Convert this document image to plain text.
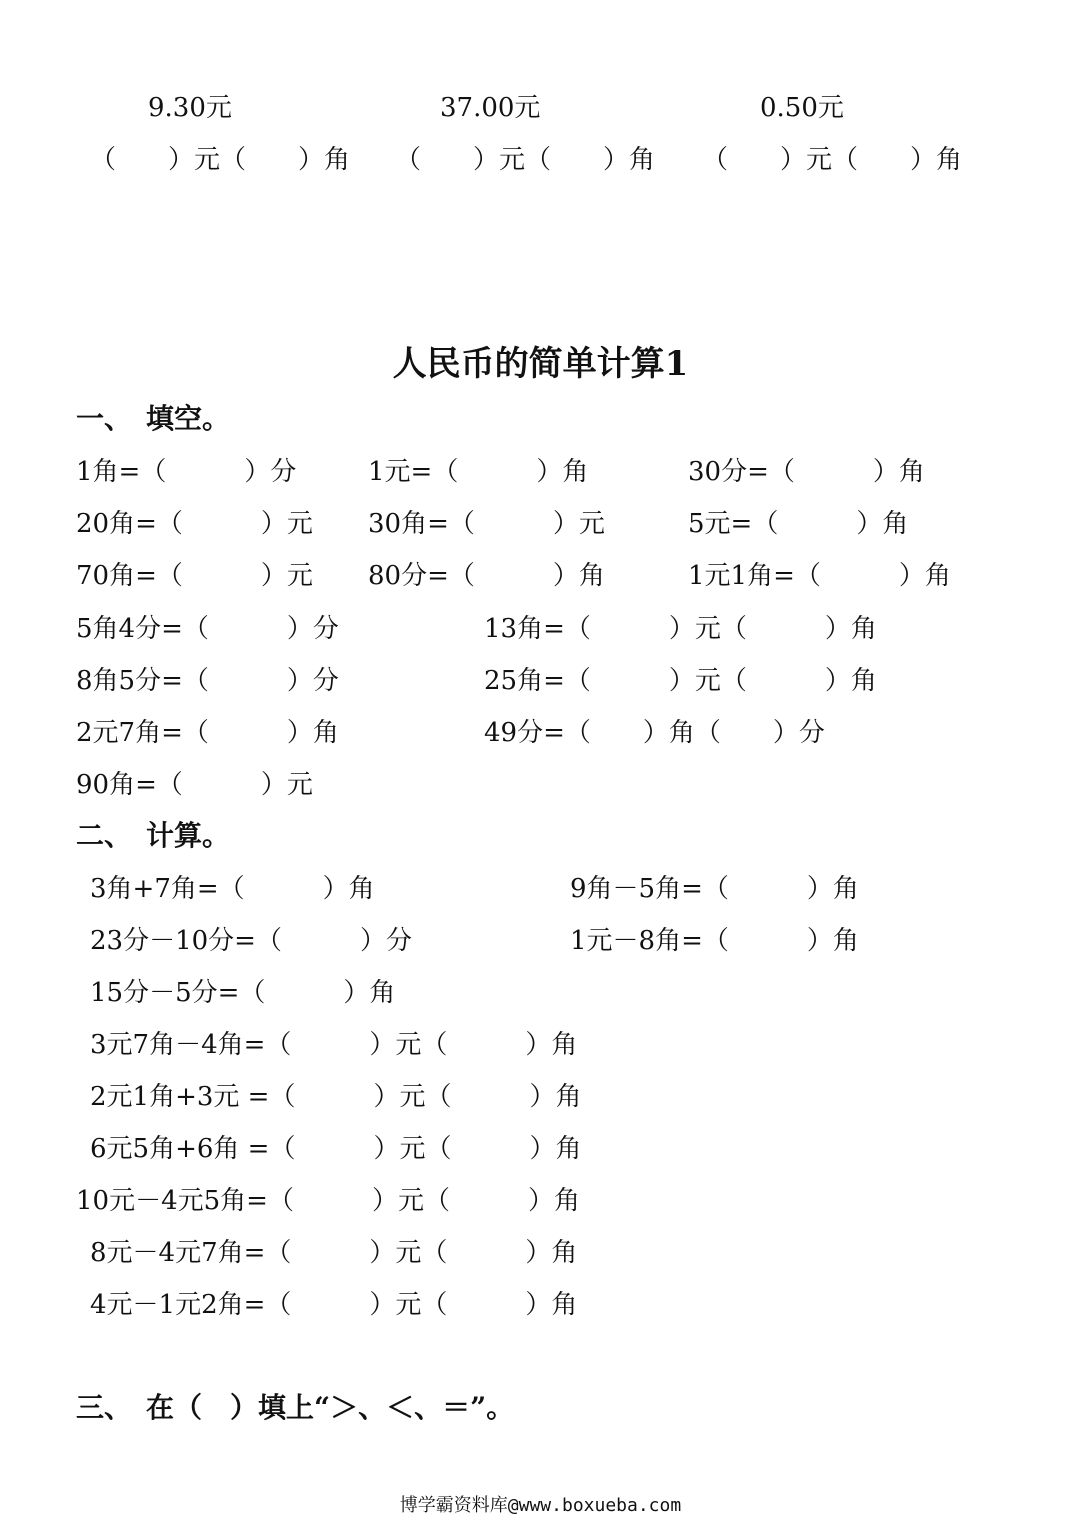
9.30元	37.00元	0.50元
（　　）元（　　）角 （　　）元（　　）角 （　　）元（　　）角
人民币的简单计算1
一、　填空。
1角=（　　　）分	1元=（　　　）角	30分=（　　　）角
20角=（　　　）元 30角=（　　　）元	5元=（　　　）角
70角=（　　　）元 80分=（　　　）角	1元1角=（　　　）角
5角4分=（　　　）分	13角=（　　　）元（　　　）角
8角5分=（　　　）分	25角=（　　　）元（　　　）角
2元7角=（　　　）角	49分=（　　）角（　　）分
90角=（　　　）元
二、　计算。
3角+7角=（　　　）角	9角－5角=（　　　）角
23分－10分=（　　　）分	1元－8角=（　　　）角
15分－5分=（　　　）角
3元7角－4角=（　　　）元（　　　）角
2元1角+3元 =（　　　）元（　　　）角
6元5角+6角 =（　　　）元（　　　）角
10元－4元5角=（　　　）元（　　　）角
8元－4元7角=（　　　）元（　　　）角
4元－1元2角=（　　　）元（　　　）角
三、　在（　）填上“＞、＜、＝”。
博学霸资料库@www.boxueba.com
